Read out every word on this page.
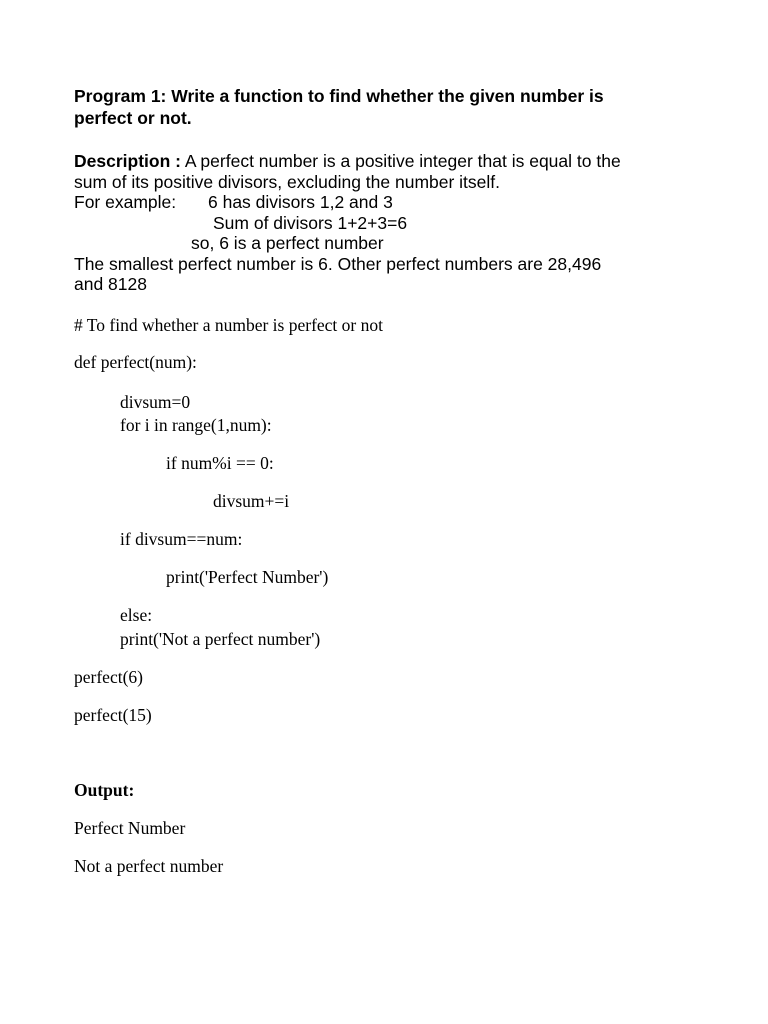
Program 1: Write a function to find whether the given number is
perfect or not.
Description : A perfect number is a positive integer that is equal to the
sum of its positive divisors, excluding the number itself.
For example: 6 has divisors 1,2 and 3
Sum of divisors 1+2+3=6
so, 6 is a perfect number
The smallest perfect number is 6. Other perfect numbers are 28,496
and 8128
# To find whether a number is perfect or not
def perfect(num):
divsum=0
for i in range(1,num):
if num%i == 0:
divsum+=i
if divsum==num:
print('Perfect Number')
else:
print('Not a perfect number')
perfect(6)
perfect(15)
Output:
Perfect Number
Not a perfect number
